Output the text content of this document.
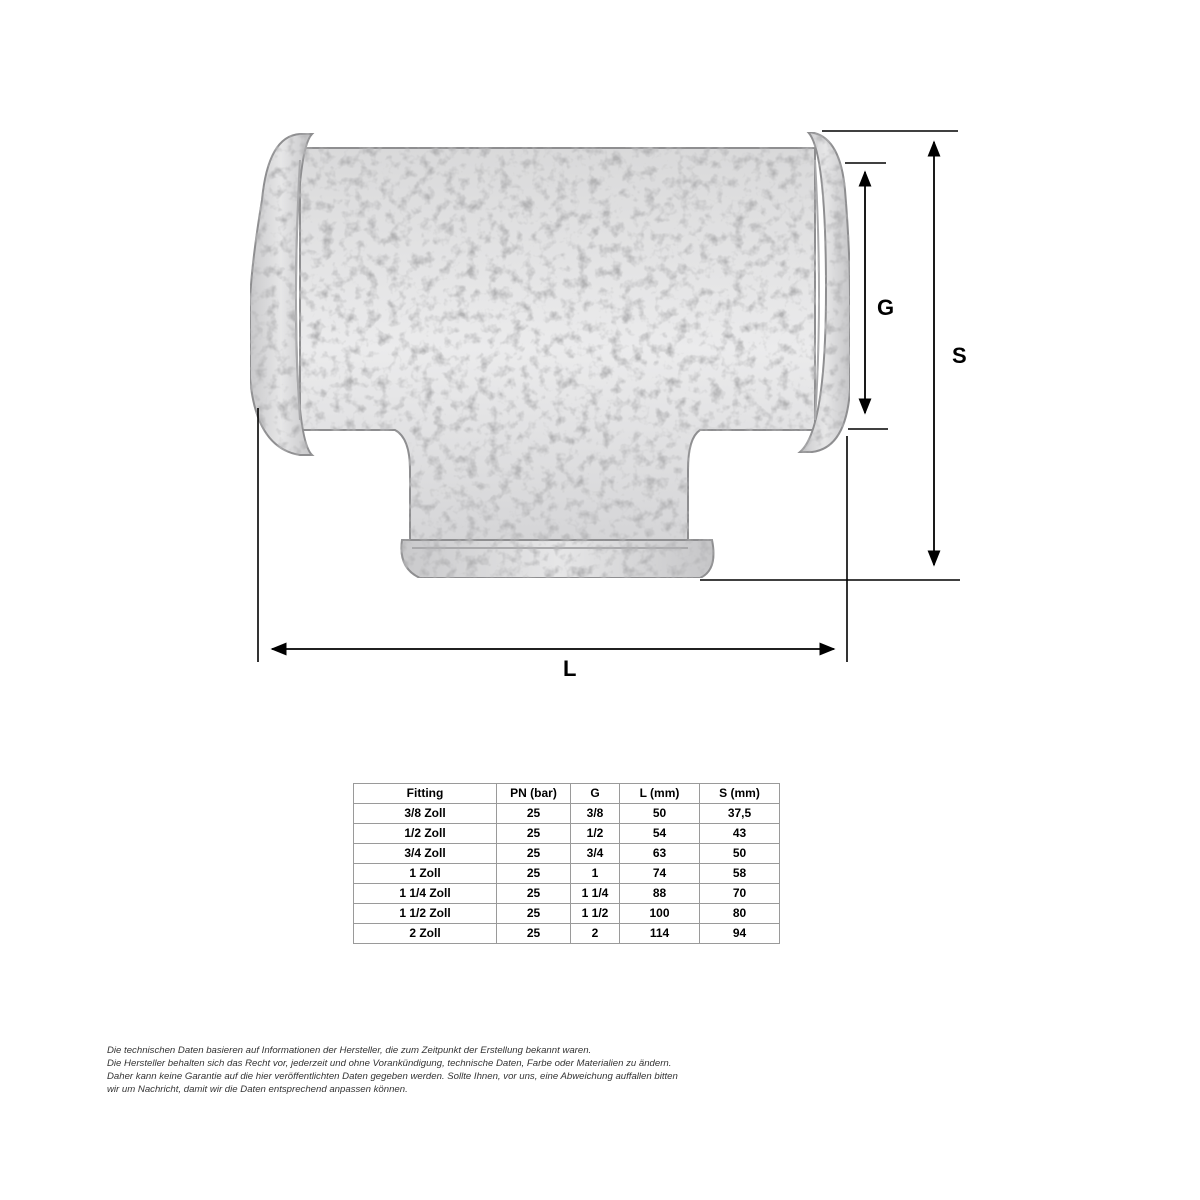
G
S
L
Fitting	PN (bar)	G	L (mm)	S (mm)
3/8 Zoll	25	3/8	50	37,5
1/2 Zoll	25	1/2	54	43
3/4 Zoll	25	3/4	63	50
1 Zoll	25	1	74	58
1 1/4 Zoll	25	1 1/4	88	70
1 1/2 Zoll	25	1 1/2	100	80
2 Zoll	25	2	114	94
Die technischen Daten basieren auf Informationen der Hersteller, die zum Zeitpunkt der Erstellung bekannt waren.
Die Hersteller behalten sich das Recht vor, jederzeit und ohne Vorankündigung, technische Daten, Farbe oder Materialien zu ändern.
Daher kann keine Garantie auf die hier veröffentlichten Daten gegeben werden. Sollte Ihnen, vor uns, eine Abweichung auffallen bitten
wir um Nachricht, damit wir die Daten entsprechend anpassen können.
